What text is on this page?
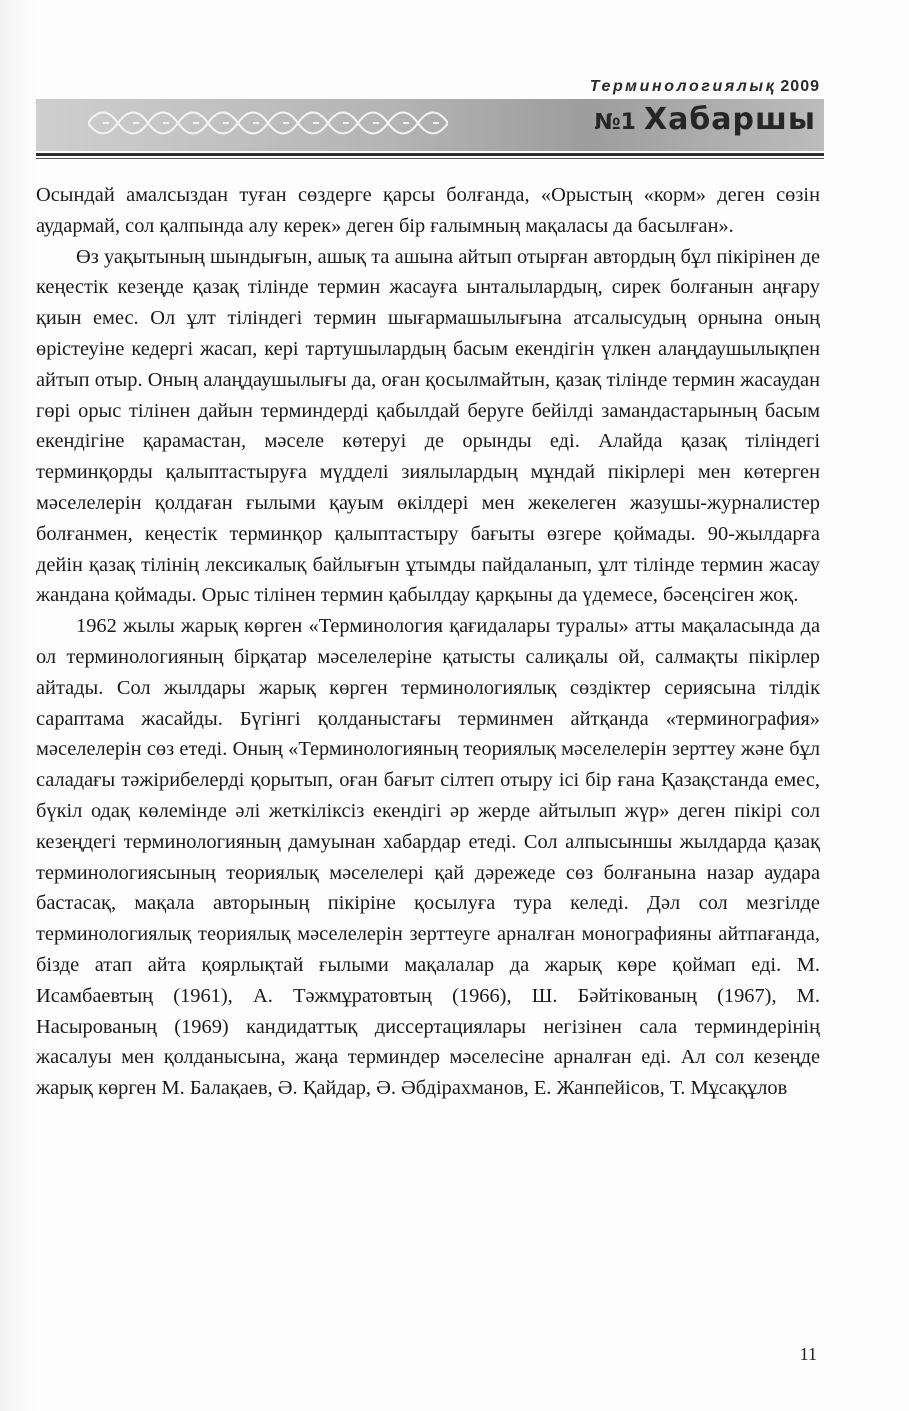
Терминологиялық 2009
№1 Хабаршы

Осындай амалсыздан туған сөздерге қарсы болғанда, «Орыстың «корм» деген сөзін аудармай, сол қалпында алу керек» деген бір ғалымның мақаласы да басылған».

Өз уақытының шындығын, ашық та ашына айтып отырған автордың бұл пікірінен де кеңестік кезеңде қазақ тілінде термин жасауға ынталылардың, сирек болғанын аңғару қиын емес. Ол ұлт тіліндегі термин шығармашылығына атсалысудың орнына оның өрістеуіне кедергі жасап, кері тартушылардың басым екендігін үлкен алаңдаушылықпен айтып отыр. Оның алаңдаушылығы да, оған қосылмайтын, қазақ тілінде термин жасаудан гөрі орыс тілінен дайын терминдерді қабылдай беруге бейілді замандастарының басым екендігіне қарамастан, мәселе көтеруі де орынды еді. Алайда қазақ тіліндегі терминқорды қалыптастыруға мүдделі зиялылардың мұндай пікірлері мен көтерген мәселелерін қолдаған ғылыми қауым өкілдері мен жекелеген жазушы-журналистер болғанмен, кеңестік терминқор қалыптастыру бағыты өзгере қоймады. 90-жылдарға дейін қазақ тілінің лексикалық байлығын ұтымды пайдаланып, ұлт тілінде термин жасау жандана қоймады. Орыс тілінен термин қабылдау қарқыны да үдемесе, бәсеңсіген жоқ.

1962 жылы жарық көрген «Терминология қағидалары туралы» атты мақаласында да ол терминологияның бірқатар мәселелеріне қатысты салиқалы ой, салмақты пікірлер айтады. Сол жылдары жарық көрген терминологиялық сөздіктер сериясына тілдік сараптама жасайды. Бүгінгі қолданыстағы терминмен айтқанда «терминография» мәселелерін сөз етеді. Оның «Терминологияның теориялық мәселелерін зерттеу және бұл саладағы тәжірибелерді қорытып, оған бағыт сілтеп отыру ісі бір ғана Қазақстанда емес, бүкіл одақ көлемінде әлі жеткіліксіз екендігі әр жерде айтылып жүр» деген пікірі сол кезеңдегі терминологияның дамуынан хабардар етеді. Сол алпысыншы жылдарда қазақ терминологиясының теориялық мәселелері қай дәрежеде сөз болғанына назар аудара бастасақ, мақала авторының пікіріне қосылуға тура келеді. Дәл сол мезгілде терминологиялық теориялық мәселелерін зерттеуге арналған монографияны айтпағанда, бізде атап айта қоярлықтай ғылыми мақалалар да жарық көре қоймап еді. М. Исамбаевтың (1961), А. Тәжмұратовтың (1966), Ш. Бәйтікованың (1967), М. Насырованың (1969) кандидаттық диссертациялары негізінен сала терминдерінің жасалуы мен қолданысына, жаңа терминдер мәселесіне арналған еді. Ал сол кезеңде жарық көрген М. Балақаев, Ә. Қайдар, Ә. Әбдірахманов, Е. Жанпейісов, Т. Мұсақұлов

11
